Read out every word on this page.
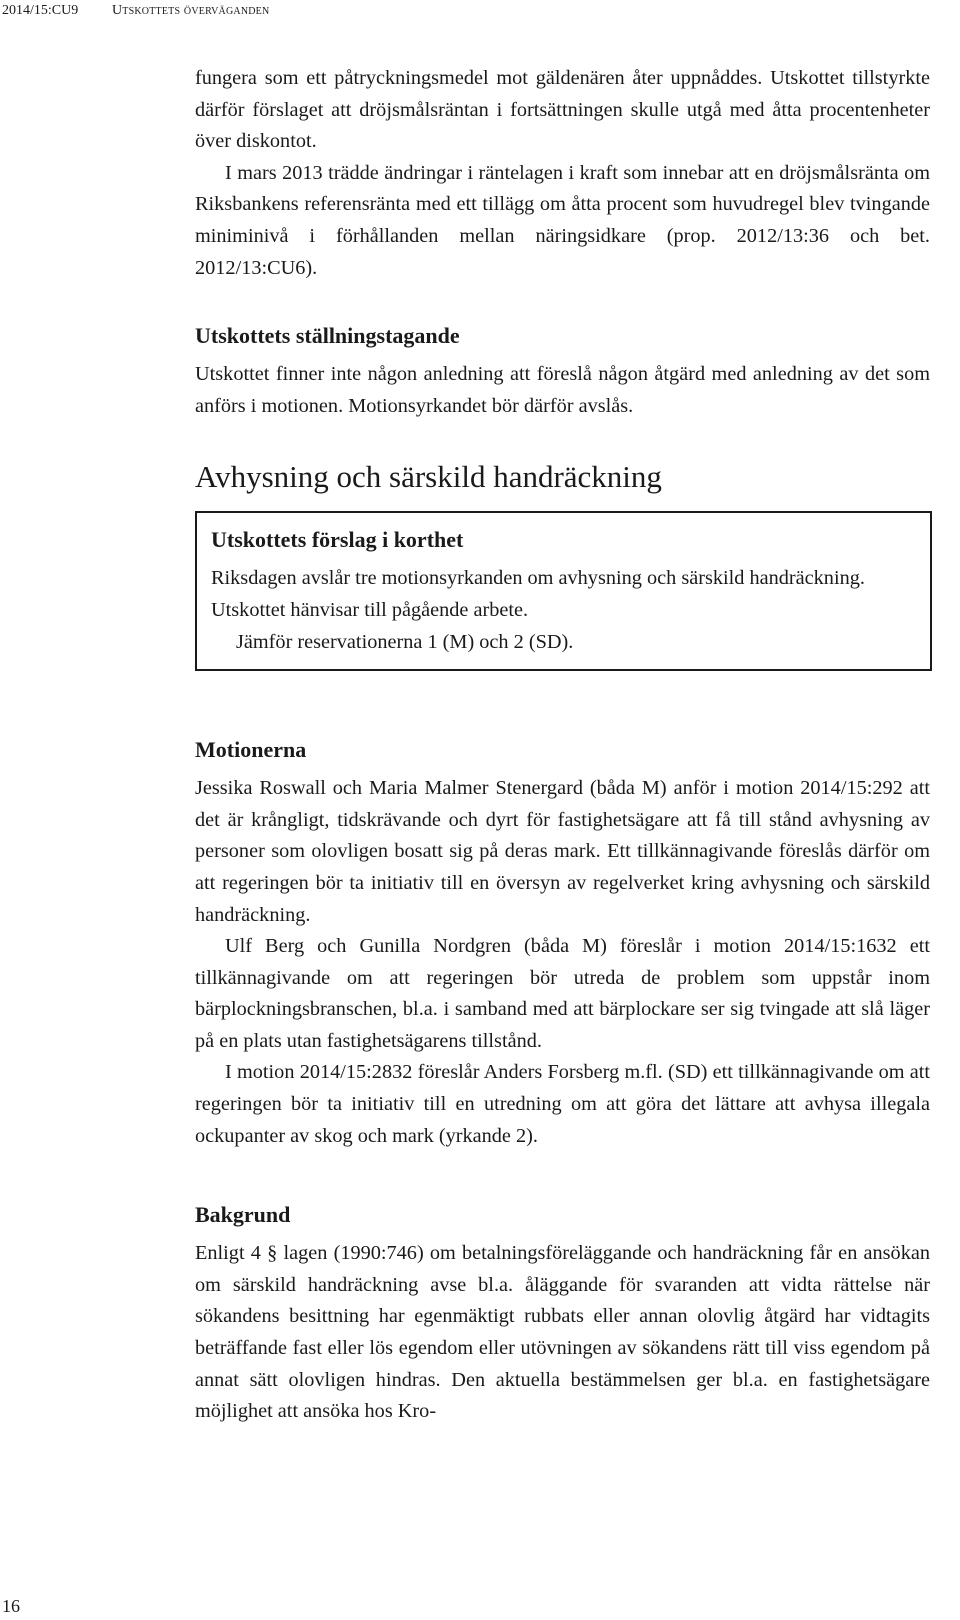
2014/15:CU9 Utskottets överväganden

fungera som ett påtryckningsmedel mot gäldenären åter uppnåddes. Utskottet tillstyrkte därför förslaget att dröjsmålsräntan i fortsättningen skulle utgå med åtta procentenheter över diskontot.

I mars 2013 trädde ändringar i räntelagen i kraft som innebar att en dröjsmålsränta om Riksbankens referensränta med ett tillägg om åtta procent som huvudregel blev tvingande miniminivå i förhållanden mellan näringsidkare (prop. 2012/13:36 och bet. 2012/13:CU6).

Utskottets ställningstagande

Utskottet finner inte någon anledning att föreslå någon åtgärd med anledning av det som anförs i motionen. Motionsyrkandet bör därför avslås.

Avhysning och särskild handräckning
Utskottets förslag i korthet

Riksdagen avslår tre motionsyrkanden om avhysning och särskild handräckning. Utskottet hänvisar till pågående arbete.

Jämför reservationerna 1 (M) och 2 (SD).

Motionerna

Jessika Roswall och Maria Malmer Stenergard (båda M) anför i motion 2014/15:292 att det är krångligt, tidskrävande och dyrt för fastighetsägare att få till stånd avhysning av personer som olovligen bosatt sig på deras mark. Ett tillkännagivande föreslås därför om att regeringen bör ta initiativ till en översyn av regelverket kring avhysning och särskild handräckning.

Ulf Berg och Gunilla Nordgren (båda M) föreslår i motion 2014/15:1632 ett tillkännagivande om att regeringen bör utreda de problem som uppstår inom bärplockningsbranschen, bl.a. i samband med att bärplockare ser sig tvingade att slå läger på en plats utan fastighetsägarens tillstånd.

I motion 2014/15:2832 föreslår Anders Forsberg m.fl. (SD) ett tillkännagivande om att regeringen bör ta initiativ till en utredning om att göra det lättare att avhysa illegala ockupanter av skog och mark (yrkande 2).

Bakgrund

Enligt 4 § lagen (1990:746) om betalningsföreläggande och handräckning får en ansökan om särskild handräckning avse bl.a. åläggande för svaranden att vidta rättelse när sökandens besittning har egenmäktigt rubbats eller annan olovlig åtgärd har vidtagits beträffande fast eller lös egendom eller utövningen av sökandens rätt till viss egendom på annat sätt olovligen hindras. Den aktuella bestämmelsen ger bl.a. en fastighetsägare möjlighet att ansöka hos Kro-

16
